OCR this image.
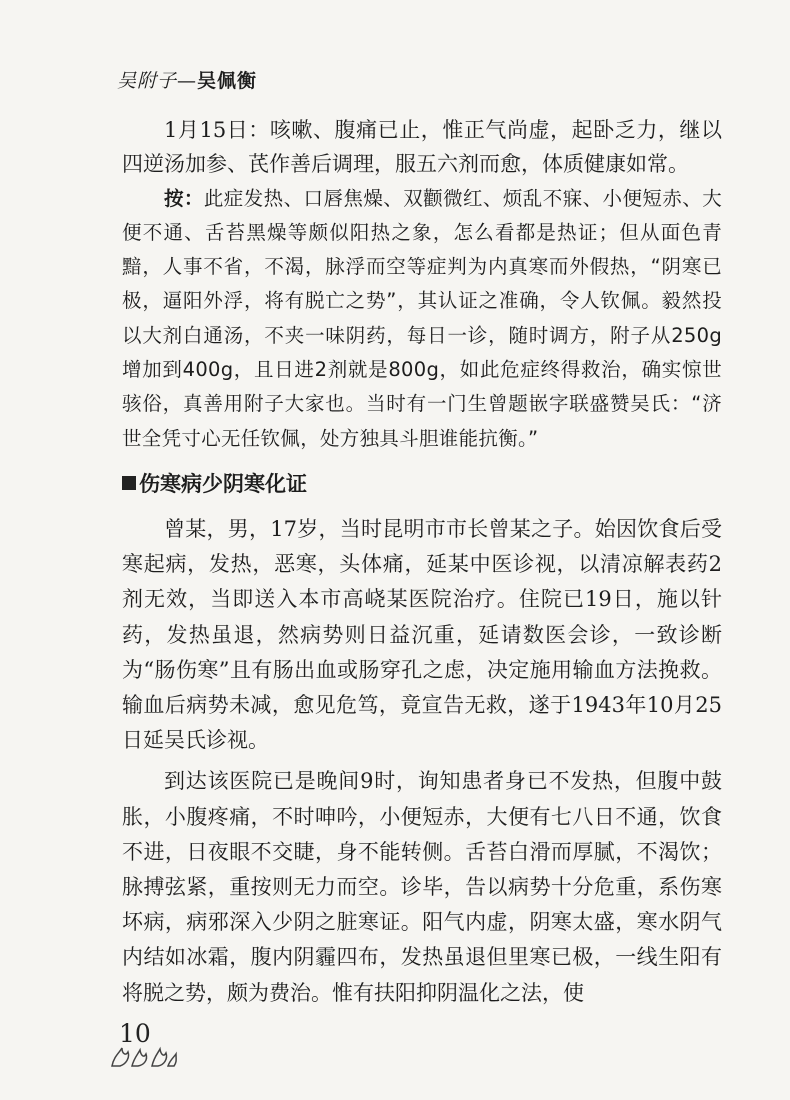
吴附子—吴佩衡

1月15日：咳嗽、腹痛已止，惟正气尚虚，起卧乏力，继以四逆汤加参、芪作善后调理，服五六剂而愈，体质健康如常。

按：此症发热、口唇焦燥、双颧微红、烦乱不寐、小便短赤、大便不通、舌苔黑燥等颇似阳热之象，怎么看都是热证；但从面色青黯，人事不省，不渴，脉浮而空等症判为内真寒而外假热，“阴寒已极，逼阳外浮，将有脱亡之势”，其认证之准确，令人钦佩。毅然投以大剂白通汤，不夹一味阴药，每日一诊，随时调方，附子从250g增加到400g，且日进2剂就是800g，如此危症终得救治，确实惊世骇俗，真善用附子大家也。当时有一门生曾题嵌字联盛赞吴氏：“济世全凭寸心无任钦佩，处方独具斗胆谁能抗衡。”

伤寒病少阴寒化证

曾某，男，17岁，当时昆明市市长曾某之子。始因饮食后受寒起病，发热，恶寒，头体痛，延某中医诊视，以清凉解表药2剂无效，当即送入本市高峣某医院治疗。住院已19日，施以针药，发热虽退，然病势则日益沉重，延请数医会诊，一致诊断为“肠伤寒”且有肠出血或肠穿孔之虑，决定施用输血方法挽救。输血后病势未减，愈见危笃，竟宣告无救，遂于1943年10月25日延吴氏诊视。

到达该医院已是晚间9时，询知患者身已不发热，但腹中鼓胀，小腹疼痛，不时呻吟，小便短赤，大便有七八日不通，饮食不进，日夜眼不交睫，身不能转侧。舌苔白滑而厚腻，不渴饮；脉搏弦紧，重按则无力而空。诊毕，告以病势十分危重，系伤寒坏病，病邪深入少阴之脏寒证。阳气内虚，阴寒太盛，寒水阴气内结如冰霜，腹内阴霾四布，发热虽退但里寒已极，一线生阳有将脱之势，颇为费治。惟有扶阳抑阴温化之法，使

10
